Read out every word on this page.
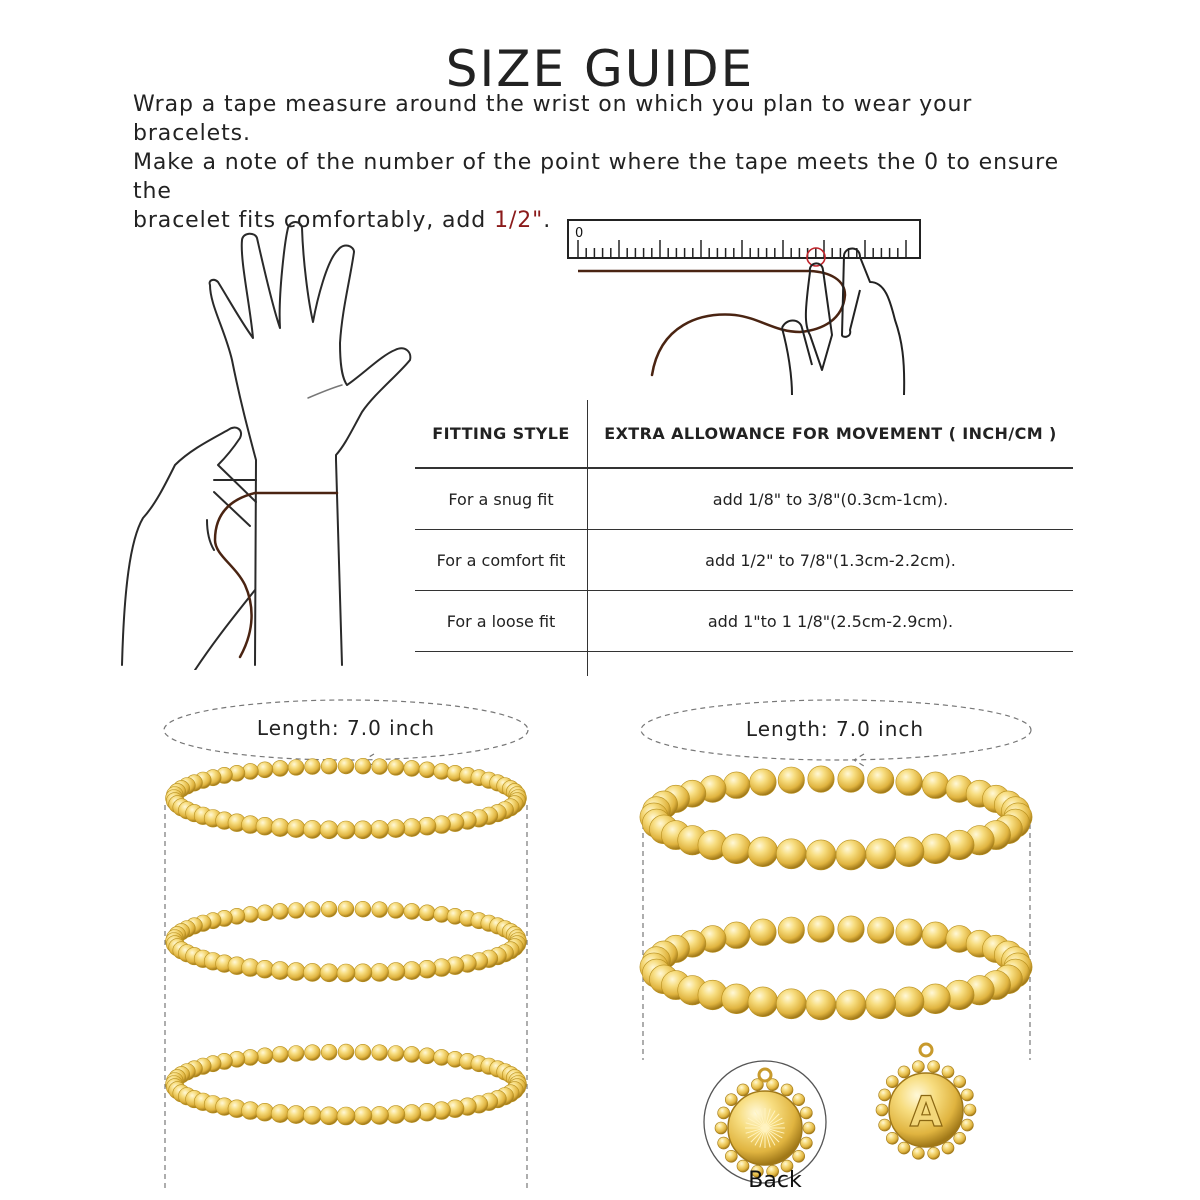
SIZE GUIDE
Wrap a tape measure around the wrist on which you plan to wear your bracelets.
Make a note of the number of the point where the tape meets the 0 to ensure the
bracelet fits comfortably, add 1/2".
0
FITTING STYLE	EXTRA ALLOWANCE FOR MOVEMENT ( INCH/CM )
For a snug fit	add 1/8" to 3/8"(0.3cm-1cm).
For a comfort fit	add 1/2" to 7/8"(1.3cm-2.2cm).
For a loose fit	add 1"to 1 1/8"(2.5cm-2.9cm).

A
Length: 7.0 inch	Length: 7.0 inch
Back
